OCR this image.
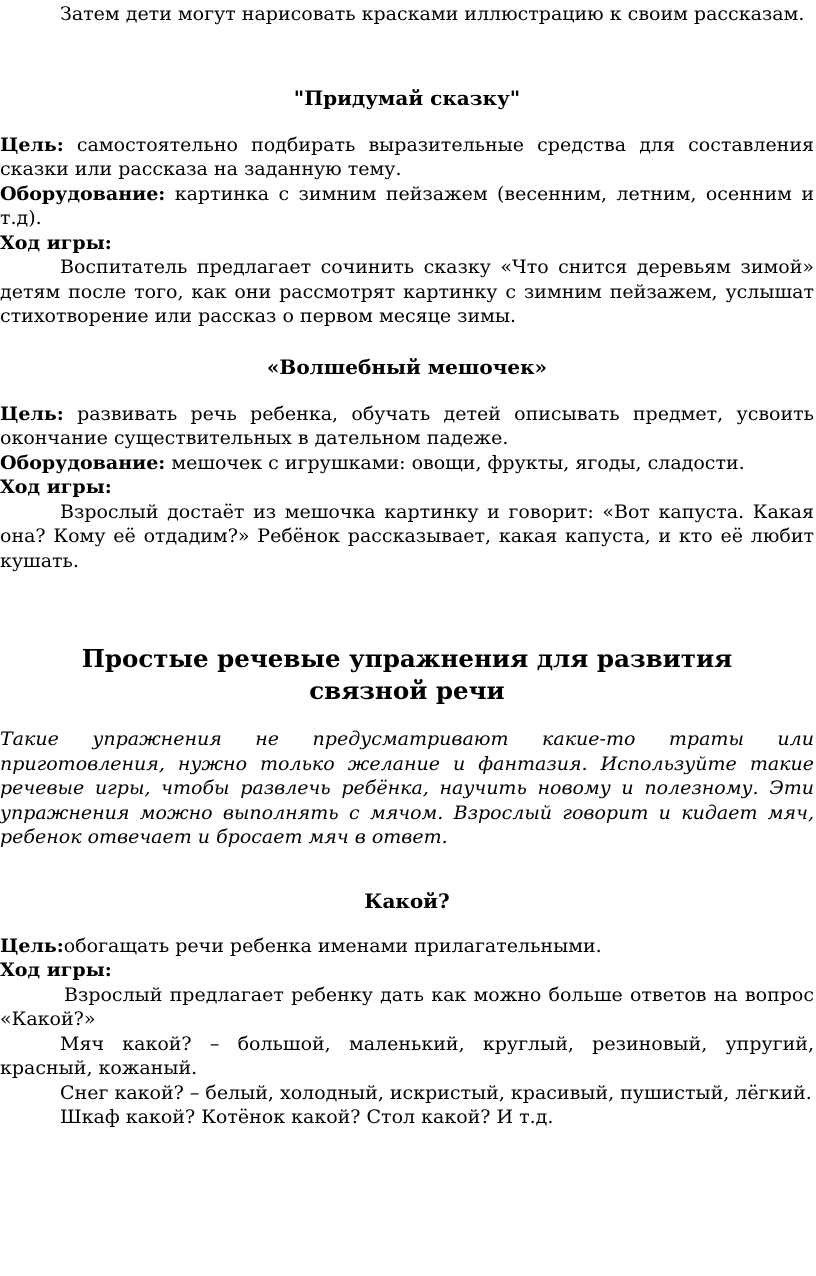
Затем дети могут нарисовать красками иллюстрацию к своим рассказам.

"Придумай сказку"

Цель: самостоятельно подбирать выразительные средства для составления сказки или рассказа на заданную тему.

Оборудование: картинка с зимним пейзажем (весенним, летним, осенним и т.д).

Ход игры:

Воспитатель предлагает сочинить сказку «Что снится деревьям зимой» детям после того, как они рассмотрят картинку с зимним пейзажем, услышат стихотворение или рассказ о первом месяце зимы.

«Волшебный мешочек»

Цель: развивать речь ребенка, обучать детей описывать предмет, усвоить окончание существительных в дательном падеже.

Оборудование: мешочек с игрушками: овощи, фрукты, ягоды, сладости.

Ход игры:

Взрослый достаёт из мешочка картинку и говорит: «Вот капуста. Какая она? Кому её отдадим?» Ребёнок рассказывает, какая капуста, и кто её любит кушать.

Простые речевые упражнения для развития

связной речи

Такие упражнения не предусматривают какие-то траты или приготовления, нужно только желание и фантазия. Используйте такие речевые игры, чтобы развлечь ребёнка, научить новому и полезному. Эти упражнения можно выполнять с мячом. Взрослый говорит и кидает мяч, ребенок отвечает и бросает мяч в ответ.

Какой?

Цель:обогащать речи ребенка именами прилагательными.

Ход игры:

Взрослый предлагает ребенку дать как можно больше ответов на вопрос «Какой?»

Мяч какой? – большой, маленький, круглый, резиновый, упругий, красный, кожаный.

Снег какой? – белый, холодный, искристый, красивый, пушистый, лёгкий.

Шкаф какой? Котёнок какой? Стол какой? И т.д.
